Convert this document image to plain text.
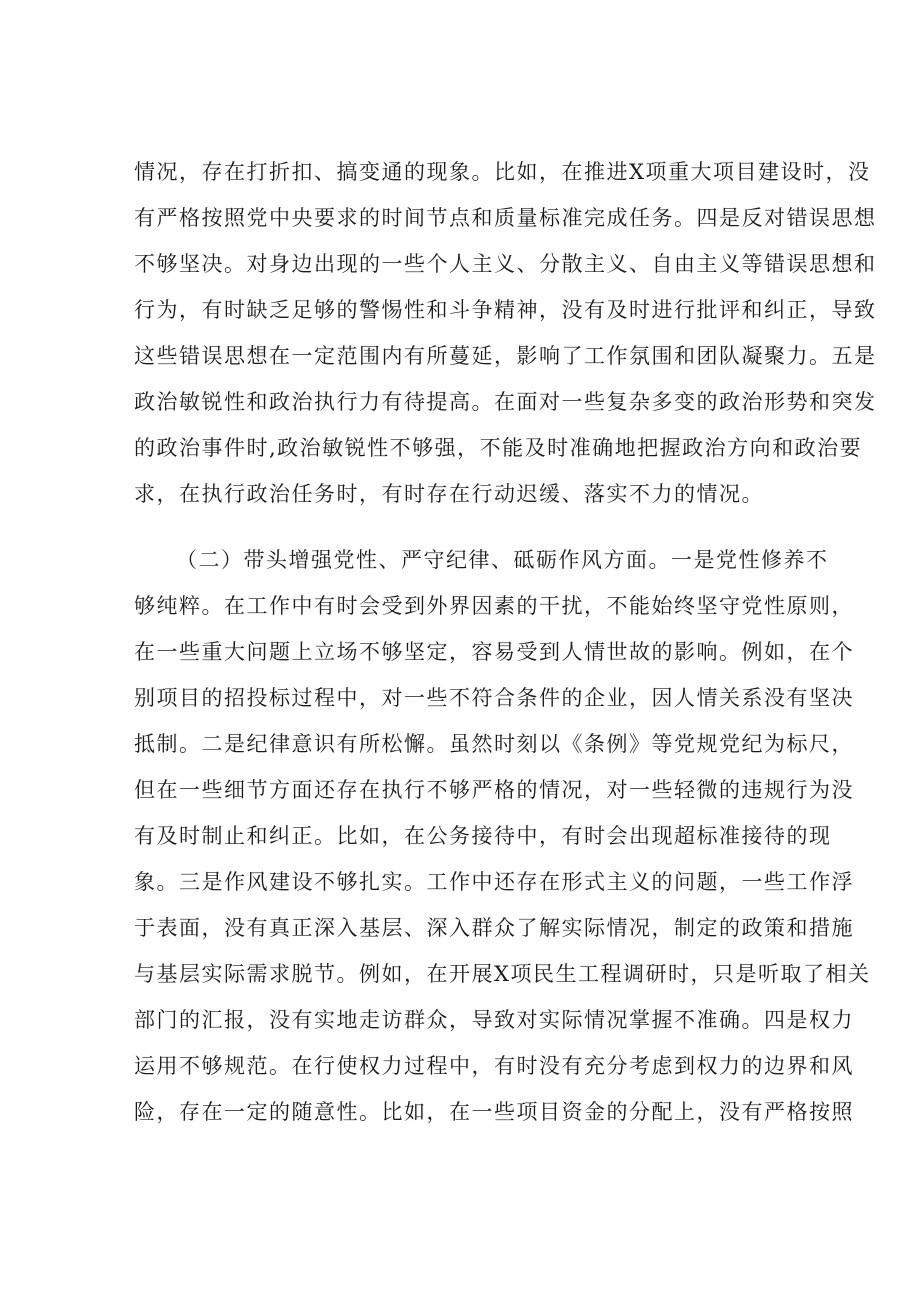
情况，存在打折扣、搞变通的现象。比如，在推进X项重大项目建设时，没
有严格按照党中央要求的时间节点和质量标准完成任务。四是反对错误思想
不够坚决。对身边出现的一些个人主义、分散主义、自由主义等错误思想和
行为，有时缺乏足够的警惕性和斗争精神，没有及时进行批评和纠正，导致
这些错误思想在一定范围内有所蔓延，影响了工作氛围和团队凝聚力。五是
政治敏锐性和政治执行力有待提高。在面对一些复杂多变的政治形势和突发
的政治事件时,政治敏锐性不够强，不能及时准确地把握政治方向和政治要
求，在执行政治任务时，有时存在行动迟缓、落实不力的情况。
（二）带头增强党性、严守纪律、砥砺作风方面。一是党性修养不
够纯粹。在工作中有时会受到外界因素的干扰，不能始终坚守党性原则，
在一些重大问题上立场不够坚定，容易受到人情世故的影响。例如，在个
别项目的招投标过程中，对一些不符合条件的企业，因人情关系没有坚决
抵制。二是纪律意识有所松懈。虽然时刻以《条例》等党规党纪为标尺，
但在一些细节方面还存在执行不够严格的情况，对一些轻微的违规行为没
有及时制止和纠正。比如，在公务接待中，有时会出现超标准接待的现
象。三是作风建设不够扎实。工作中还存在形式主义的问题，一些工作浮
于表面，没有真正深入基层、深入群众了解实际情况，制定的政策和措施
与基层实际需求脱节。例如，在开展X项民生工程调研时，只是听取了相关
部门的汇报，没有实地走访群众，导致对实际情况掌握不准确。四是权力
运用不够规范。在行使权力过程中，有时没有充分考虑到权力的边界和风
险，存在一定的随意性。比如，在一些项目资金的分配上，没有严格按照
